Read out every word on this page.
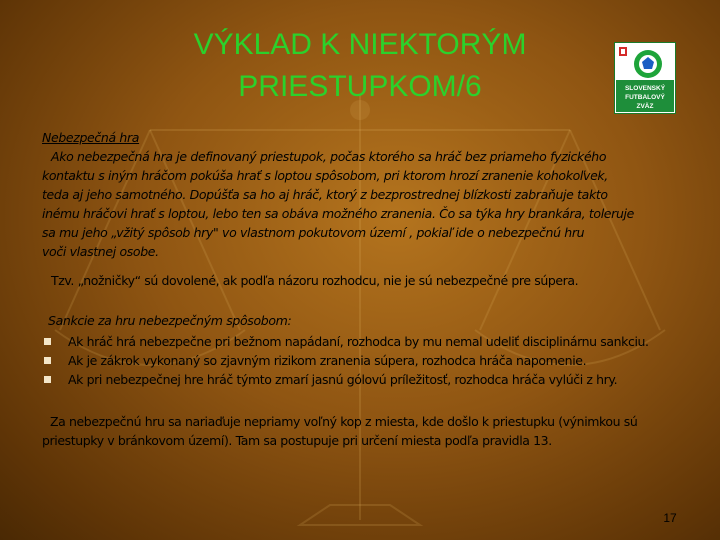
VÝKLAD K NIEKTORÝM
PRIESTUPKOM/6	SLOVENSKÝ
FUTBALOVÝ
ZVÄZ
Nebezpečná hra
Ako nebezpečná hra je definovaný priestupok, počas ktorého sa hráč bez priameho fyzického
kontaktu s iným hráčom pokúša hrať s loptou spôsobom, pri ktorom hrozí zranenie kohokoľvek,
teda aj jeho samotného. Dopúšťa sa ho aj hráč, ktorý z bezprostrednej blízkosti zabraňuje takto
inému hráčovi hrať s loptou, lebo ten sa obáva možného zranenia. Čo sa týka hry brankára, toleruje
sa mu jeho „vžitý spôsob hry" vo vlastnom pokutovom území , pokiaľ ide o nebezpečnú hru
voči vlastnej osobe.
Tzv. „nožničky“ sú dovolené, ak podľa názoru rozhodcu, nie je sú nebezpečné pre súpera.
Sankcie za hru nebezpečným spôsobom:
Ak hráč hrá nebezpečne pri bežnom napádaní, rozhodca by mu nemal udeliť disciplinárnu sankciu.
Ak je zákrok vykonaný so zjavným rizikom zranenia súpera, rozhodca hráča napomenie.
Ak pri nebezpečnej hre hráč týmto zmarí jasnú gólovú príležitosť, rozhodca hráča vylúči z hry.
Za nebezpečnú hru sa nariaďuje nepriamy voľný kop z miesta, kde došlo k priestupku (výnimkou sú
priestupky v bránkovom území). Tam sa postupuje pri určení miesta podľa pravidla 13.
17
